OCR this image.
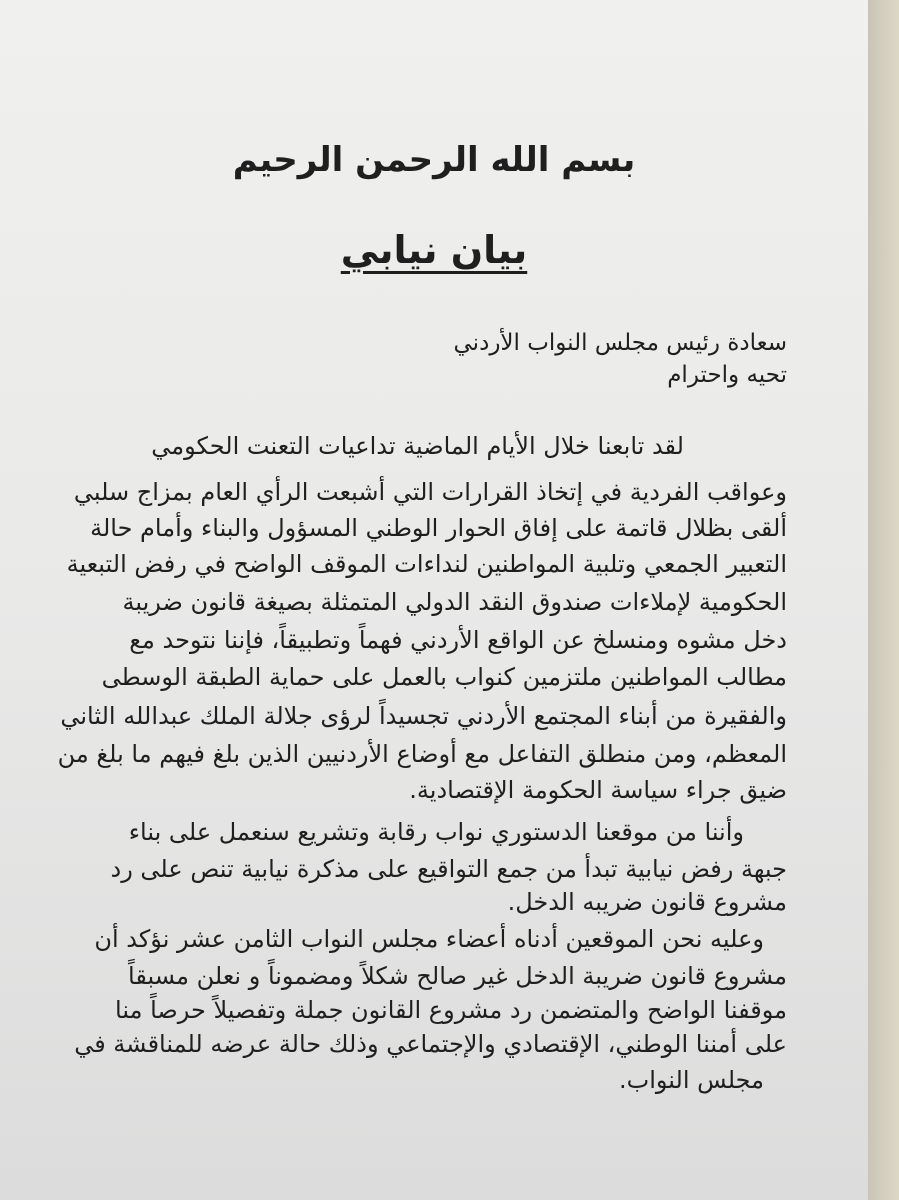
بسم الله الرحمن الرحيم
بيان نيابي
سعادة رئيس مجلس النواب الأردني
تحيه واحترام
لقد تابعنا خلال الأيام الماضية تداعيات التعنت الحكومي
وعواقب الفردية في إتخاذ القرارات التي أشبعت الرأي العام بمزاج سلبي
ألقى بظلال قاتمة على إفاق الحوار الوطني المسؤول والبناء وأمام حالة
التعبير الجمعي وتلبية المواطنين لنداءات الموقف الواضح في رفض التبعية
الحكومية لإملاءات صندوق النقد الدولي المتمثلة بصيغة قانون ضريبة
دخل مشوه ومنسلخ عن الواقع الأردني فهماً وتطبيقاً، فإننا نتوحد مع
مطالب المواطنين ملتزمين كنواب بالعمل على حماية الطبقة الوسطى
والفقيرة من أبناء المجتمع الأردني تجسيداً لرؤى جلالة الملك عبدالله الثاني
المعظم، ومن منطلق التفاعل مع أوضاع الأردنيين الذين بلغ فيهم ما بلغ من
ضيق جراء سياسة الحكومة الإقتصادية.
وأننا من موقعنا الدستوري نواب رقابة وتشريع سنعمل على بناء
جبهة رفض نيابية تبدأ من جمع التواقيع على مذكرة نيابية تنص على رد
مشروع قانون ضريبه الدخل.
وعليه نحن الموقعين أدناه أعضاء مجلس النواب الثامن عشر نؤكد أن
مشروع قانون ضريبة الدخل غير صالح شكلاً ومضموناً و نعلن مسبقاً
موقفنا الواضح والمتضمن رد مشروع القانون جملة وتفصيلاً حرصاً منا
على أمننا الوطني، الإقتصادي والإجتماعي وذلك حالة عرضه للمناقشة في
مجلس النواب.
